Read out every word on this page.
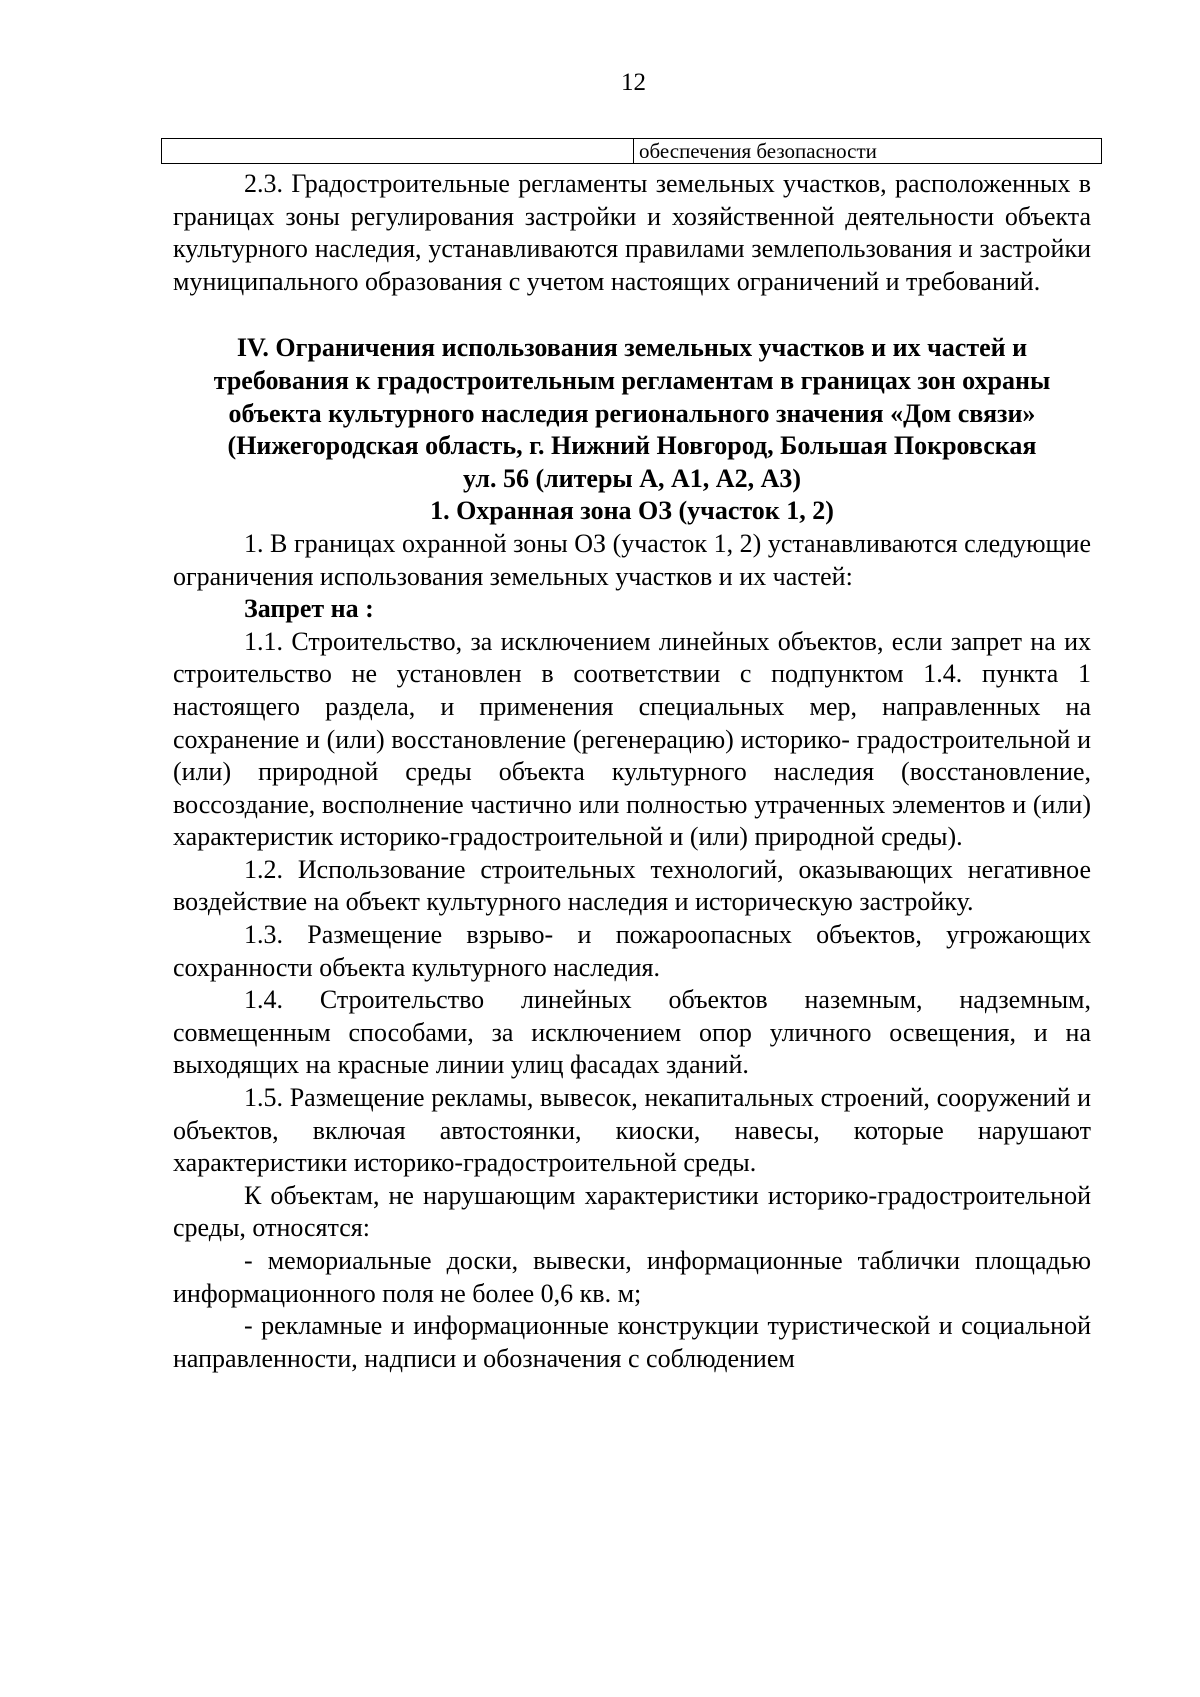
12
обеспечения безопасности

2.3. Градостроительные регламенты земельных участков, расположенных в границах зоны регулирования застройки и хозяйственной деятельности объекта культурного наследия, устанавливаются правилами землепользования и застройки муниципального образования с учетом настоящих ограничений и требований.

IV. Ограничения использования земельных участков и их частей и

требования к градостроительным регламентам в границах зон охраны

объекта культурного наследия регионального значения «Дом связи»

(Нижегородская область, г. Нижний Новгород, Большая Покровская

ул. 56 (литеры А, А1, А2, А3)

1. Охранная зона ОЗ (участок 1, 2)

1. В границах охранной зоны ОЗ (участок 1, 2) устанавливаются следующие ограничения использования земельных участков и их частей:

Запрет на :

1.1. Строительство, за исключением линейных объектов, если запрет на их строительство не установлен в соответствии с подпунктом 1.4. пункта 1 настоящего раздела, и применения специальных мер, направленных на сохранение и (или) восстановление (регенерацию) историко- градостроительной и (или) природной среды объекта культурного наследия (восстановление, воссоздание, восполнение частично или полностью утраченных элементов и (или) характеристик историко-градостроительной и (или) природной среды).

1.2. Использование строительных технологий, оказывающих негативное воздействие на объект культурного наследия и историческую застройку.

1.3. Размещение взрыво- и пожароопасных объектов, угрожающих сохранности объекта культурного наследия.

1.4. Строительство линейных объектов наземным, надземным, совмещенным способами, за исключением опор уличного освещения, и на выходящих на красные линии улиц фасадах зданий.

1.5. Размещение рекламы, вывесок, некапитальных строений, сооружений и объектов, включая автостоянки, киоски, навесы, которые нарушают характеристики историко-градостроительной среды.

К объектам, не нарушающим характеристики историко-градостроительной среды, относятся:

- мемориальные доски, вывески, информационные таблички площадью информационного поля не более 0,6 кв. м;

- рекламные и информационные конструкции туристической и социальной направленности, надписи и обозначения с соблюдением
